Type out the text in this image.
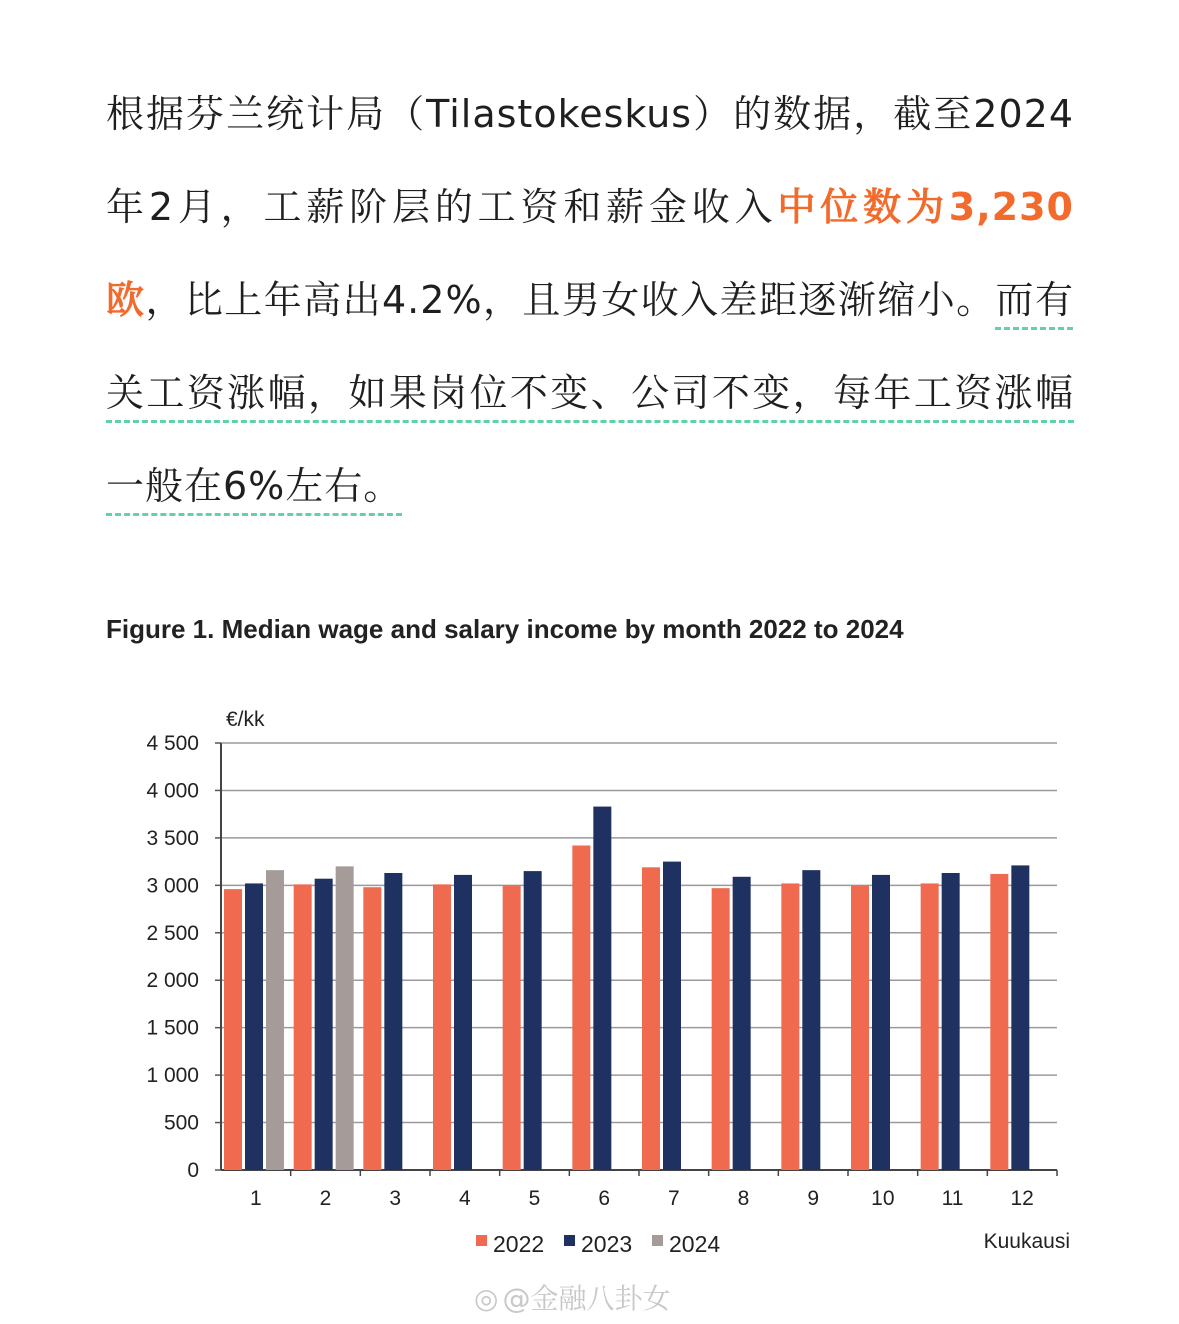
根据芬兰统计局（Tilastokeskus）的数据，截至2024年2月，工薪阶层的工资和薪金收入中位数为3,230欧，比上年高出4.2%，且男女收入差距逐渐缩小。而有关工资涨幅，如果岗位不变、公司不变，每年工资涨幅一般在6%左右。
Figure 1. Median wage and salary income by month 2022 to 2024
0
500
1 000
1 500
2 000
2 500
3 000
3 500
4 000
4 500
€/kk
1	2	3	4	5	6	7	8	9 10 11 12
Kuukausi
2022 2023 2024
◎ @金融八卦女
